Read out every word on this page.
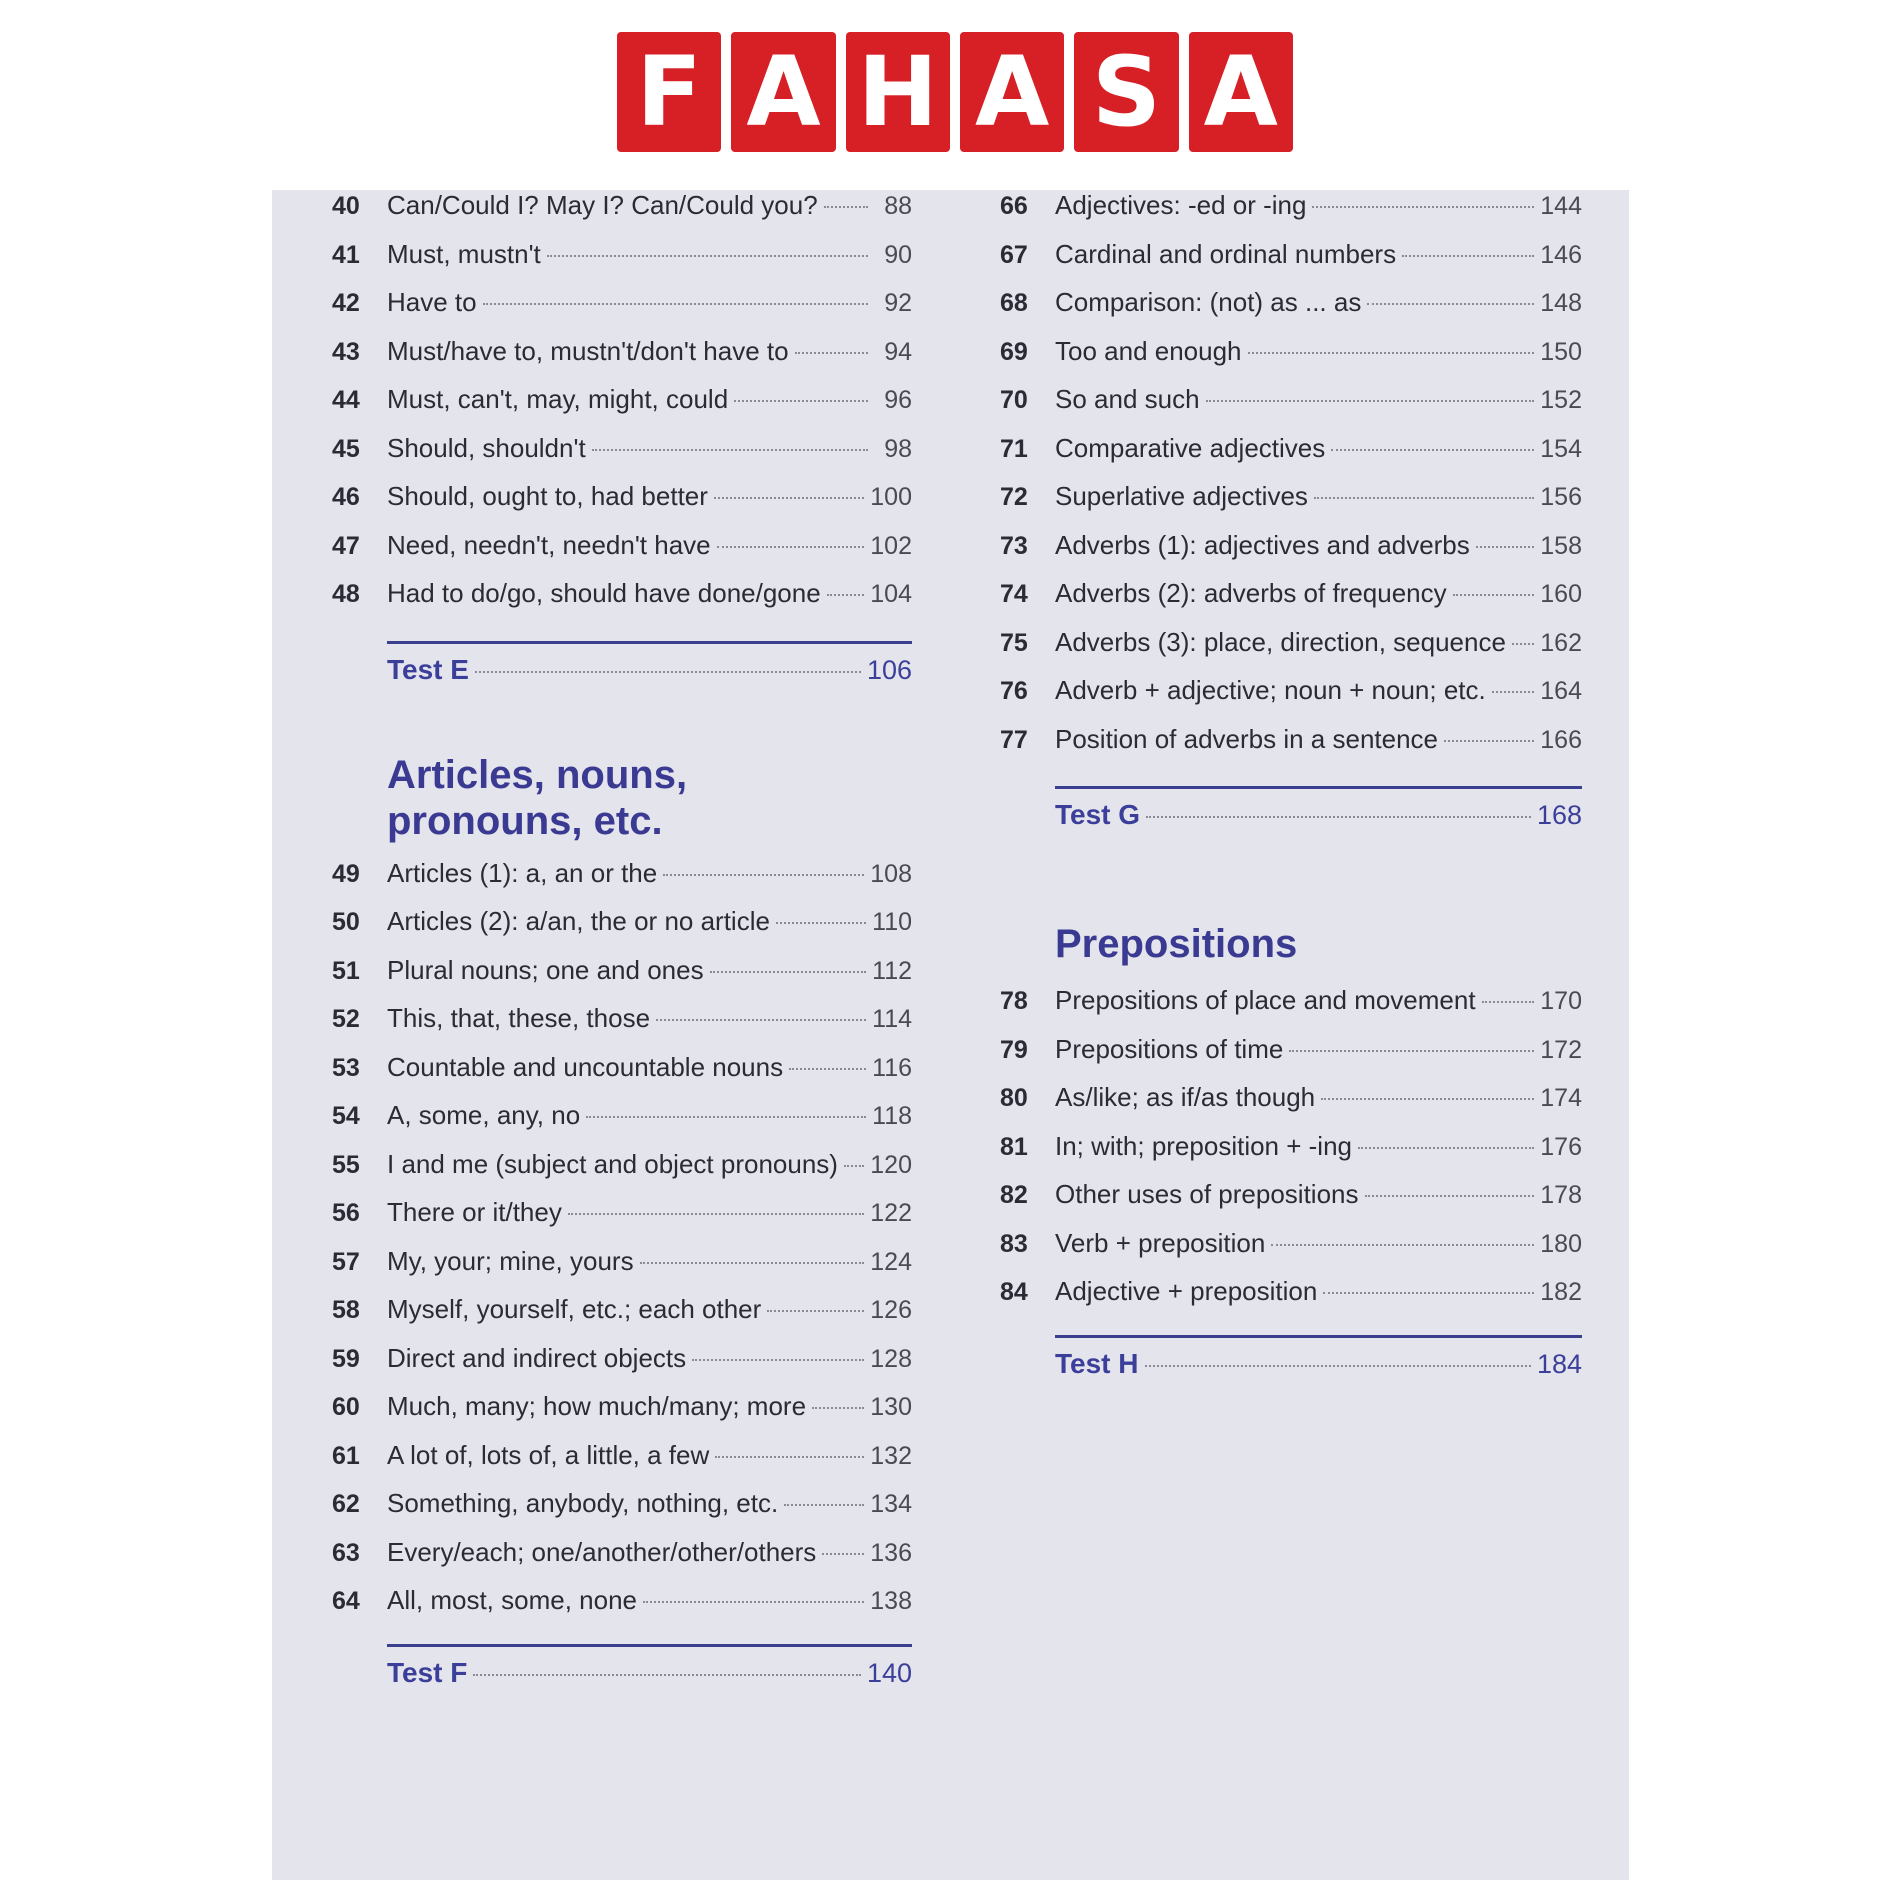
F A H A S A
40	Can/Could I? May I? Can/Could you?	88
41	Must, mustn't	90
42	Have to	92
43	Must/have to, mustn't/don't have to	94
44	Must, can't, may, might, could	96
45	Should, shouldn't	98
46	Should, ought to, had better	100
47	Need, needn't, needn't have	102
48	Had to do/go, should have done/gone 104
Test E	106
Articles, nouns,
pronouns, etc.
49	Articles (1): a, an or the	108
50	Articles (2): a/an, the or no article	110
51	Plural nouns; one and ones	112
52	This, that, these, those	114
53	Countable and uncountable nouns	116
54	A, some, any, no	118
55	I and me (subject and object pronouns) 120
56	There or it/they	122
57	My, your; mine, yours	124
58	Myself, yourself, etc.; each other	126
59	Direct and indirect objects	128
60	Much, many; how much/many; more	130
61	A lot of, lots of, a little, a few	132
62	Something, anybody, nothing, etc.	134
63	Every/each; one/another/other/others 136
64	All, most, some, none	138
Test F	140
66	Adjectives: -ed or -ing	144
67	Cardinal and ordinal numbers	146
68	Comparison: (not) as ... as	148
69	Too and enough	150
70	So and such	152
71	Comparative adjectives	154
72	Superlative adjectives	156
73	Adverbs (1): adjectives and adverbs	158
74	Adverbs (2): adverbs of frequency	160
75	Adverbs (3): place, direction, sequence 162
76	Adverb + adjective; noun + noun; etc. 164
77	Position of adverbs in a sentence	166
Test G	168
Prepositions
78	Prepositions of place and movement	170
79	Prepositions of time	172
80	As/like; as if/as though	174
81	In; with; preposition + -ing	176
82	Other uses of prepositions	178
83	Verb + preposition	180
84	Adjective + preposition	182
Test H	184
